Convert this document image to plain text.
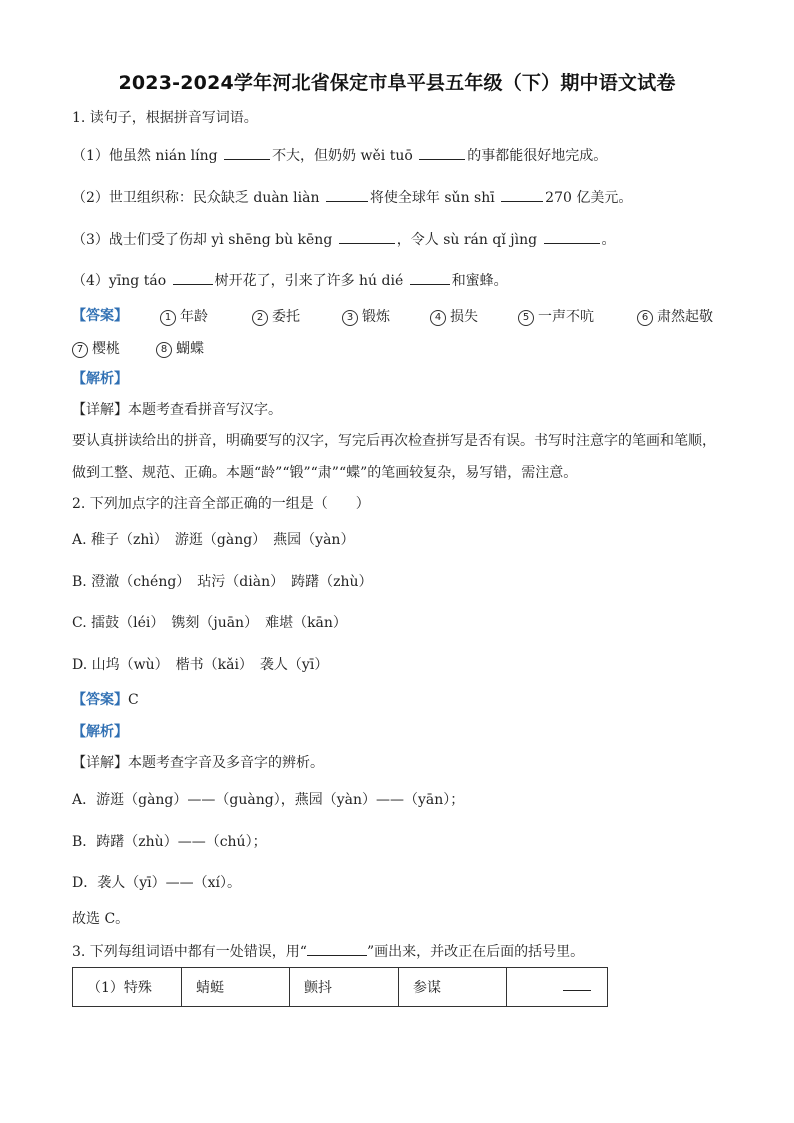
2023-2024学年河北省保定市阜平县五年级（下）期中语文试卷
1. 读句子，根据拼音写词语。
（1）他虽然 nián líng	不大，但奶奶 wěi tuō	的事都能很好地完成。
（2）世卫组织称：民众缺乏 duàn liàn	将使全球年 sǔn shī	270 亿美元。
（3）战士们受了伤却 yì shēng bù kēng	，令人 sù rán qǐ jìng	。
（4）yīng táo	树开花了，引来了许多 hú dié	和蜜蜂。
【答案】	1 年龄	2 委托	3 锻炼	4 损失	5 一声不吭	6 肃然起敬
7 樱桃	8 蝴蝶
【解析】
【详解】本题考查看拼音写汉字。
要认真拼读给出的拼音，明确要写的汉字，写完后再次检查拼写是否有误。书写时注意字的笔画和笔顺，
做到工整、规范、正确。本题“龄”“锻”“肃”“蝶”的笔画较复杂，易写错，需注意。
2. 下列加点字的注音全部正确的一组是（　　）
A. 稚子（zhì）　游逛（gàng）　燕园（yàn）
B. 澄澈（chéng）　玷污（diàn）　踌躇（zhù）
C. 擂鼓（léi）　镌刻（juān）　难堪（kān）
D. 山坞（wù）　楷书（kǎi）　袭人（yī）
【答案】C
【解析】
【详解】本题考查字音及多音字的辨析。
A．游逛（gàng）——（guàng），燕园（yàn）——（yān）；
B．踌躇（zhù）——（chú）；
D．袭人（yī）——（xí）。
故选 C。
3. 下列每组词语中都有一处错误，用“	”画出来，并改正在后面的括号里。
（1）特殊	蜻蜓	颤抖	参谋	
